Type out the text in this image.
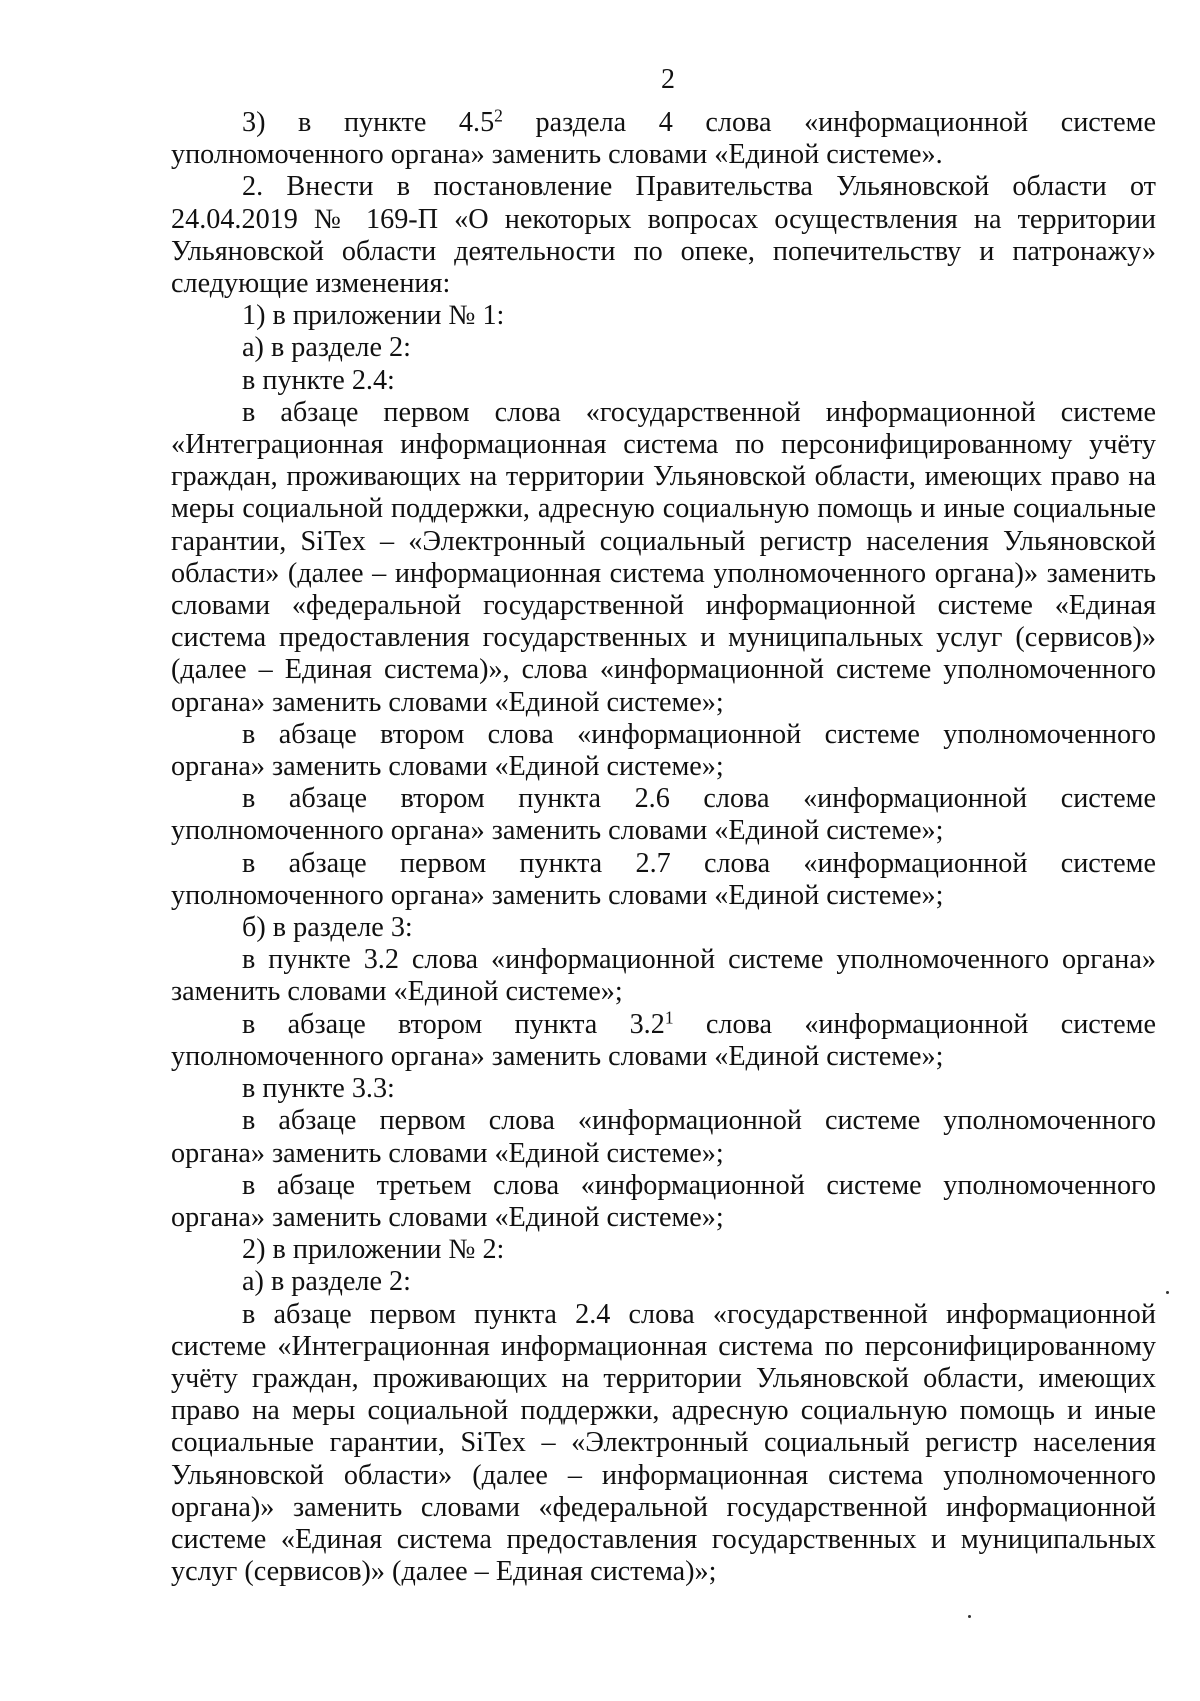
2

3) в пункте $4.5^2$ раздела 4 слова «информационной системе уполномоченного органа» заменить словами «Единой системе».

2. Внести в постановление Правительства Ульяновской области от 24.04.2019 № 169-П «О некоторых вопросах осуществления на территории Ульяновской области деятельности по опеке, попечительству и патронажу» следующие изменения:

1) в приложении № 1:

а) в разделе 2:

в пункте 2.4:

в абзаце первом слова «государственной информационной системе «Интеграционная информационная система по персонифицированному учёту граждан, проживающих на территории Ульяновской области, имеющих право на меры социальной поддержки, адресную социальную помощь и иные социальные гарантии, SiTex – «Электронный социальный регистр населения Ульяновской области» (далее – информационная система уполномоченного органа)» заменить словами «федеральной государственной информационной системе «Единая система предоставления государственных и муниципальных услуг (сервисов)» (далее – Единая система)», слова «информационной системе уполномоченного органа» заменить словами «Единой системе»;

в абзаце втором слова «информационной системе уполномоченного органа» заменить словами «Единой системе»;

в абзаце втором пункта 2.6 слова «информационной системе уполномоченного органа» заменить словами «Единой системе»;

в абзаце первом пункта 2.7 слова «информационной системе уполномоченного органа» заменить словами «Единой системе»;

б) в разделе 3:

в пункте 3.2 слова «информационной системе уполномоченного органа» заменить словами «Единой системе»;

в абзаце втором пункта $3.2^1$ слова «информационной системе уполномоченного органа» заменить словами «Единой системе»;

в пункте 3.3:

в абзаце первом слова «информационной системе уполномоченного органа» заменить словами «Единой системе»;

в абзаце третьем слова «информационной системе уполномоченного органа» заменить словами «Единой системе»;

2) в приложении № 2:

а) в разделе 2:

в абзаце первом пункта 2.4 слова «государственной информационной системе «Интеграционная информационная система по персонифицированному учёту граждан, проживающих на территории Ульяновской области, имеющих право на меры социальной поддержки, адресную социальную помощь и иные социальные гарантии, SiTex – «Электронный социальный регистр населения Ульяновской области» (далее – информационная система уполномоченного органа)» заменить словами «федеральной государственной информационной системе «Единая система предоставления государственных и муниципальных услуг (сервисов)» (далее – Единая система)»;
